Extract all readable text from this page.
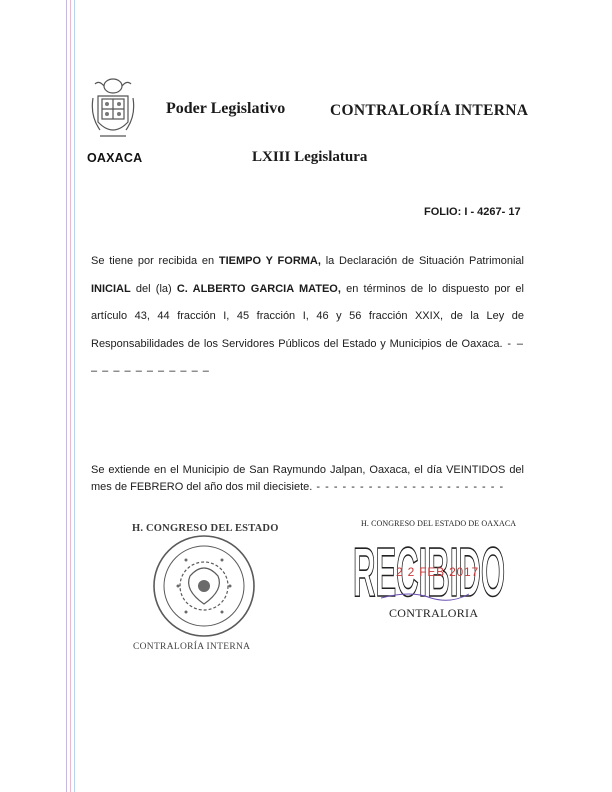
OAXACA
Poder Legislativo	CONTRALORÍA INTERNA
LXIII Legislatura
FOLIO: I - 4267- 17
Se tiene por recibida en TIEMPO Y FORMA, la Declaración de Situación Patrimonial INICIAL del (la) C. ALBERTO GARCIA MATEO, en términos de lo dispuesto por el artículo 43, 44 fracción I, 45 fracción I, 46 y 56 fracción XXIX, de la Ley de Responsabilidades de los Servidores Públicos del Estado y Municipios de Oaxaca. - – – – – – – – – – – – –
Se extiende en el Municipio de San Raymundo Jalpan, Oaxaca, el día VEINTIDOS del mes de FEBRERO del año dos mil diecisiete. - - - - - - - - - - - - - - - - - - - - - -
H. CONGRESO DEL ESTADO
CONTRALORÍA INTERNA
H. CONGRESO DEL ESTADO DE OAXACA
RECIBIDO
2 2 FEB 2017
CONTRALORIA
